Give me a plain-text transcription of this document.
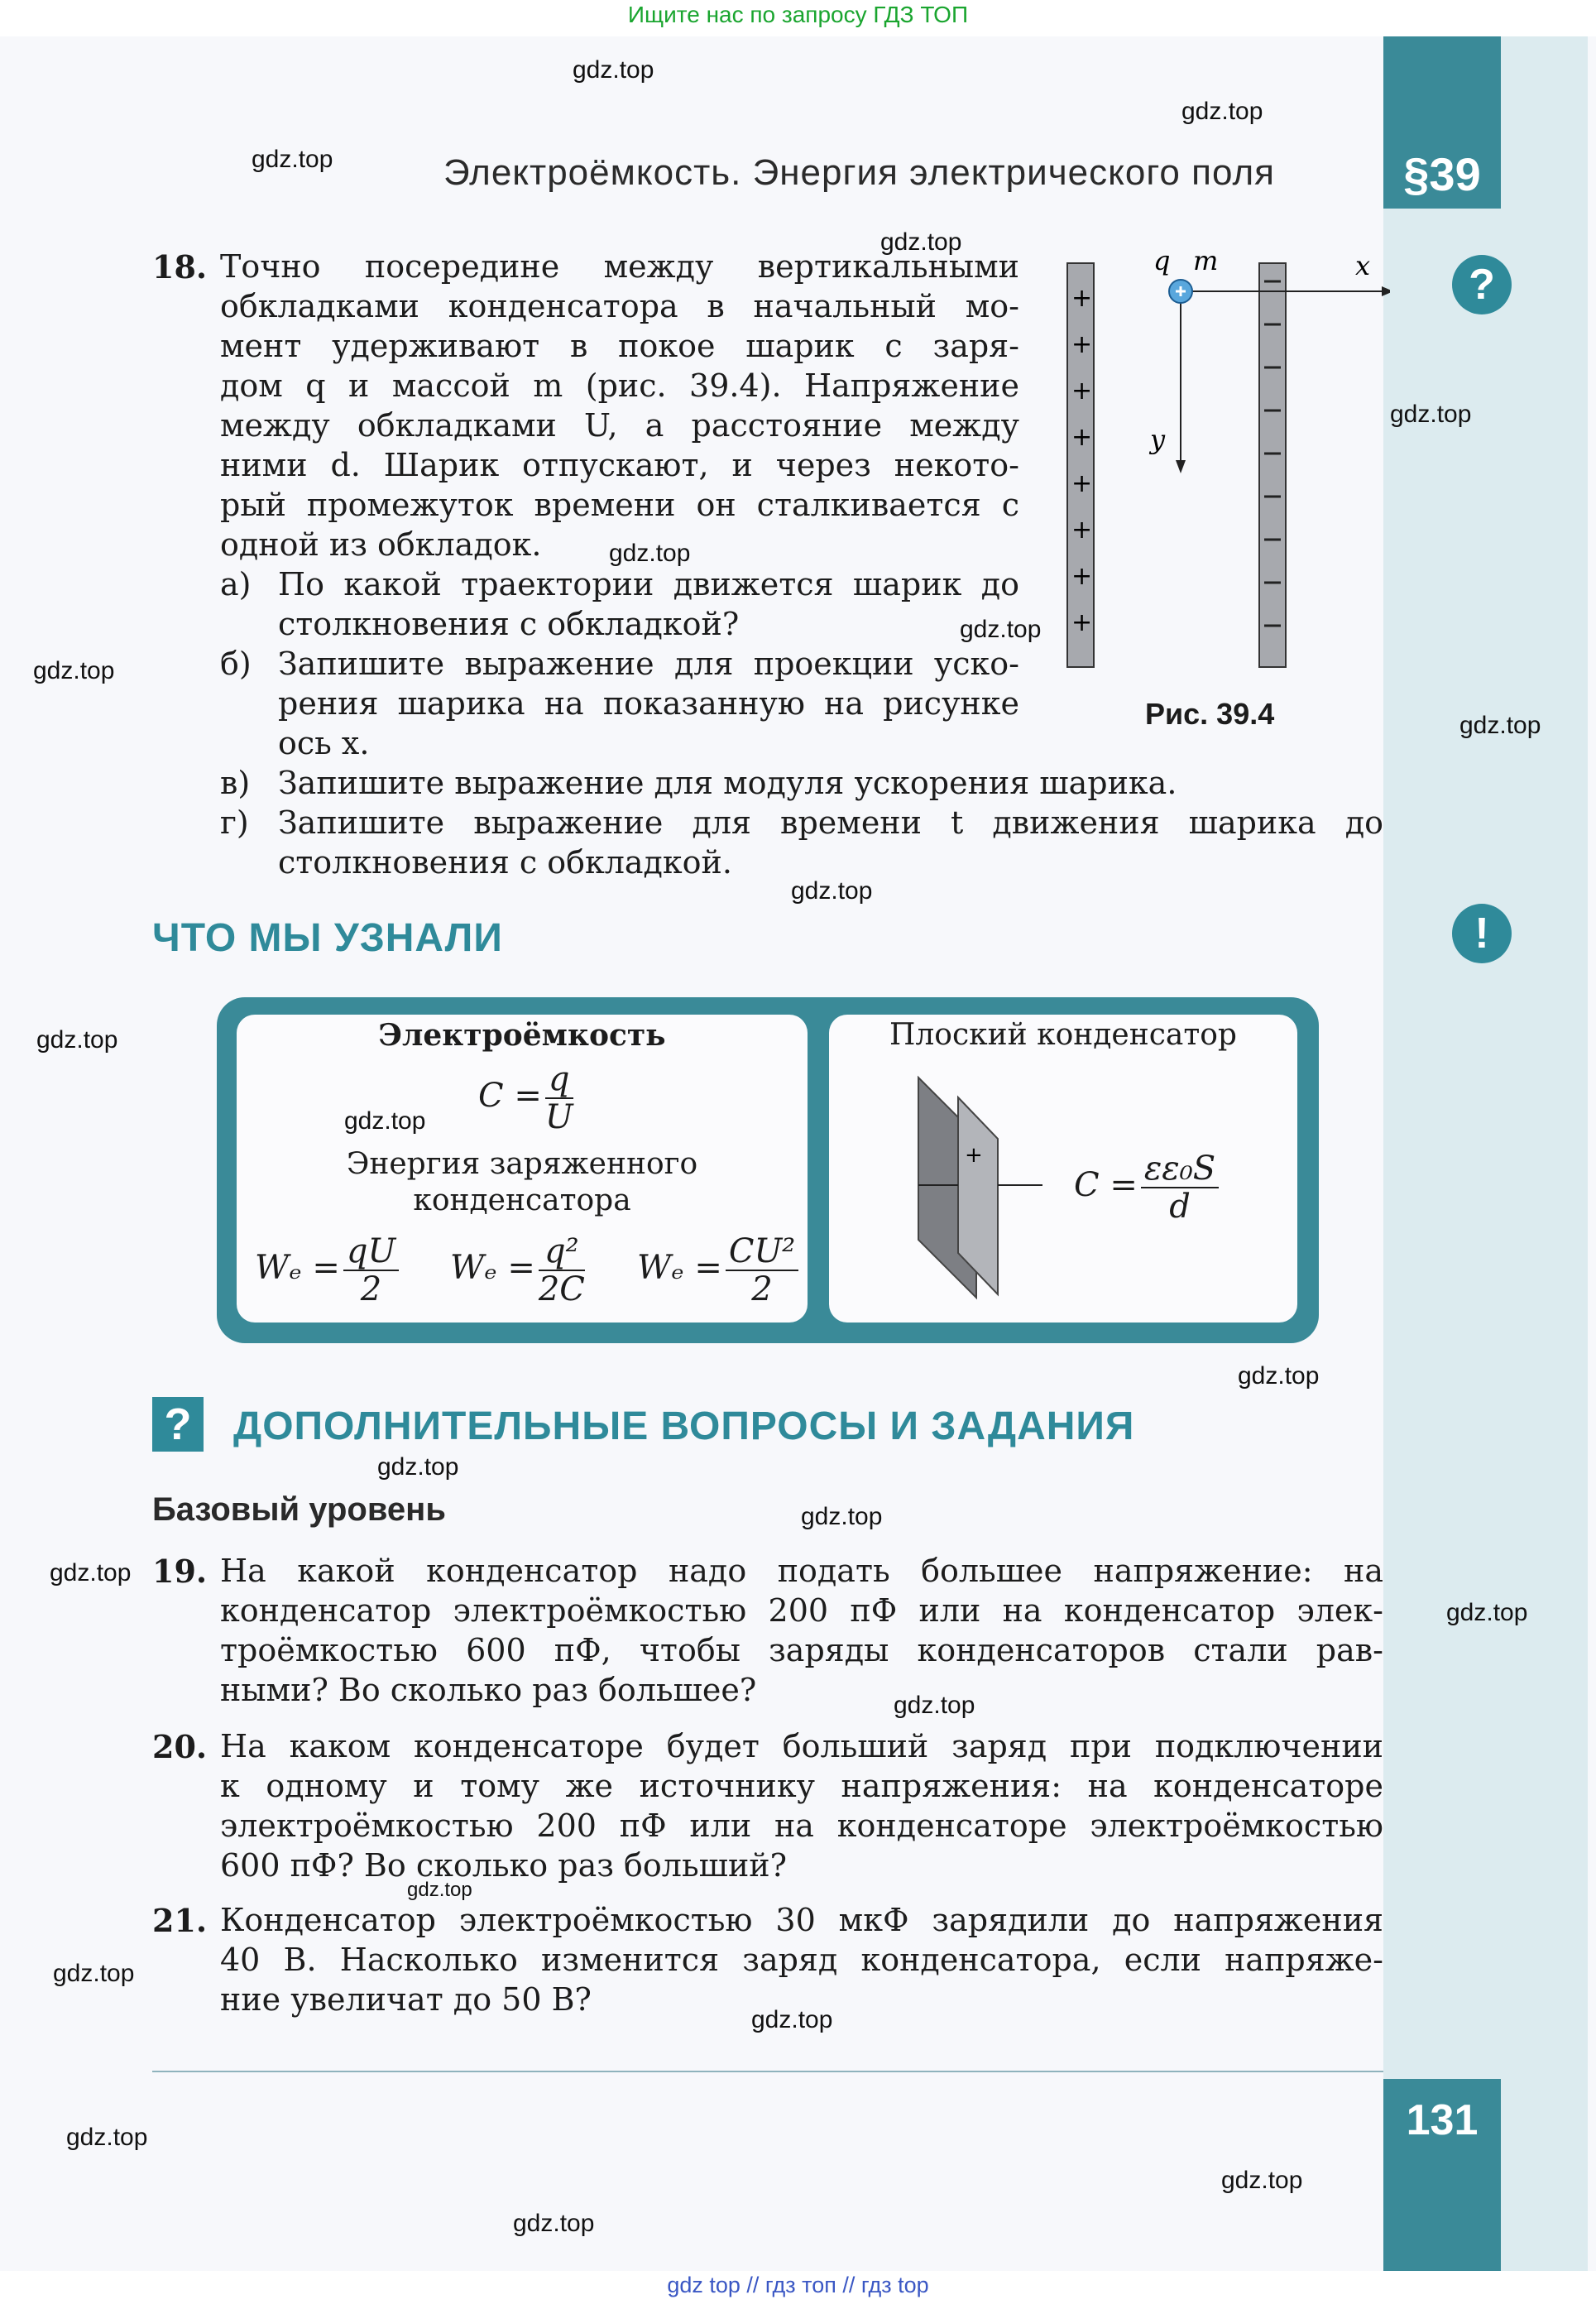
Ищите нас по запросу ГДЗ ТОП
§39
Электроёмкость. Энергия электрического поля
?
!
18. Точно посередине между вертикальными
обкладками конденсатора в начальный мо-
мент удерживают в покое шарик с заря-
дом q и массой m (рис. 39.4). Напряжение
между обкладками U, а расстояние между
ними d. Шарик отпускают, и через некото-
рый промежуток времени он сталкивается с
одной из обкладок.
а) По какой траектории движется шарик до
столкновения с обкладкой?
б) Запишите выражение для проекции уско-
рения шарика на показанную на рисунке
ось x.
в) Запишите выражение для модуля ускорения шарика.
г) Запишите выражение для времени t движения шарика до
столкновения с обкладкой.
+
+
+
+
+
+
+
+
q m	x
y
Рис. 39.4
ЧТО МЫ УЗНАЛИ
Электроёмкость
$C = \frac{q}{U}$
Энергия заряженного
конденсатора
$W_e = \frac{qU}{2}$ $W_e = \frac{\text{q²}}{2C}$ $W_e = \frac{\text{CU²}}{2}$
Плоский конденсатор
+
$C = \frac{\text{εε₀S}}{d}$
?	ДОПОЛНИТЕЛЬНЫЕ ВОПРОСЫ И ЗАДАНИЯ
Базовый уровень
19. На какой конденсатор надо подать большее напряжение: на
конденсатор электроёмкостью 200 пФ или на конденсатор элек-
троёмкостью 600 пФ, чтобы заряды конденсаторов стали рав-
ными? Во сколько раз большее?
20. На каком конденсаторе будет больший заряд при подключении
к одному и тому же источнику напряжения: на конденсаторе
электроёмкостью 200 пФ или на конденсаторе электроёмкостью
600 пФ? Во сколько раз больший?
21. Конденсатор электроёмкостью 30 мкФ зарядили до напряжения
40 В. Насколько изменится заряд конденсатора, если напряже-
ние увеличат до 50 В?
131
gdz.top
gdz.top
gdz.top
gdz.top
gdz.top
gdz.top
gdz.top
gdz.top
gdz.top
gdz.top
gdz.top
gdz.top
gdz.top
gdz.top
gdz.top
gdz.top
gdz.top
gdz.top
gdz.top
gdz.top
gdz.top
gdz.top
gdz.top
gdz.top
gdz top // гдз топ // гдз top
